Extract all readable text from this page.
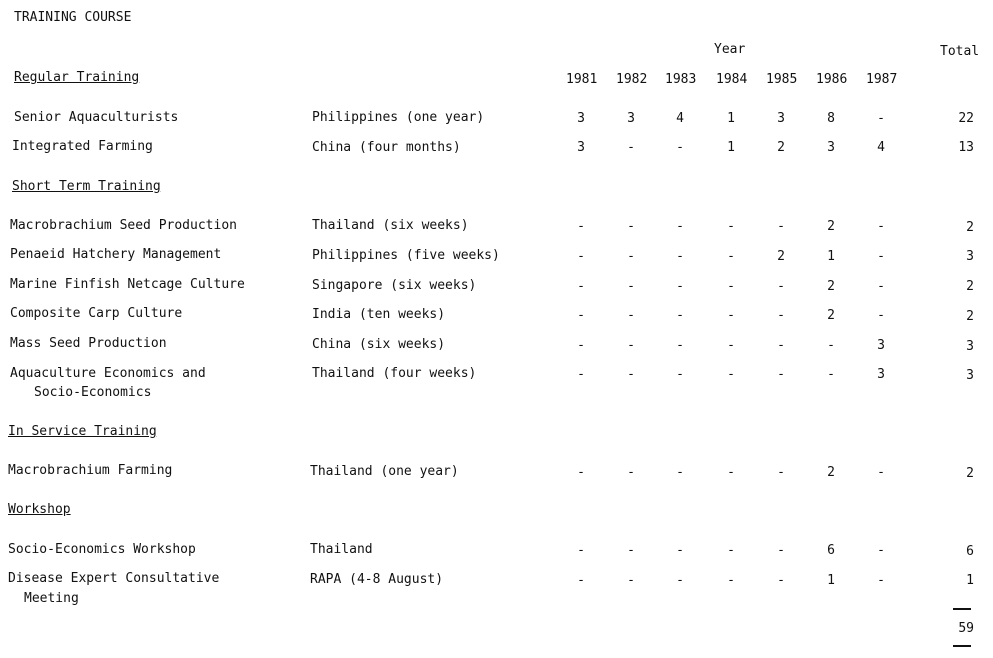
TRAINING COURSE
Year	Total
1981 1982 1983 1984 1985 1986 1987
Regular Training
Senior Aquaculturists	Philippines (one year)	3	3	4	1	3	8	-	22
Integrated Farming	China (four months)	3	-	-	1	2	3	4	13
Short Term Training
Macrobrachium Seed Production	Thailand (six weeks)	-	-	-	-	-	2	-	2
Penaeid Hatchery Management	Philippines (five weeks)	-	-	-	-	2	1	-	3
Marine Finfish Netcage Culture	Singapore (six weeks)	-	-	-	-	-	2	-	2
Composite Carp Culture	India (ten weeks)	-	-	-	-	-	2	-	2
Mass Seed Production	China (six weeks)	-	-	-	-	-	-	3	3
Aquaculture Economics and
Socio-Economics
Thailand (four weeks)	-	-	-	-	-	-	3	3
In Service Training
Macrobrachium Farming	Thailand (one year)	-	-	-	-	-	2	-	2
Workshop
Socio-Economics Workshop	Thailand	-	-	-	-	-	6	-	6
Disease Expert Consultative
Meeting
RAPA (4-8 August)	-	-	-	-	-	1	-	1
59
